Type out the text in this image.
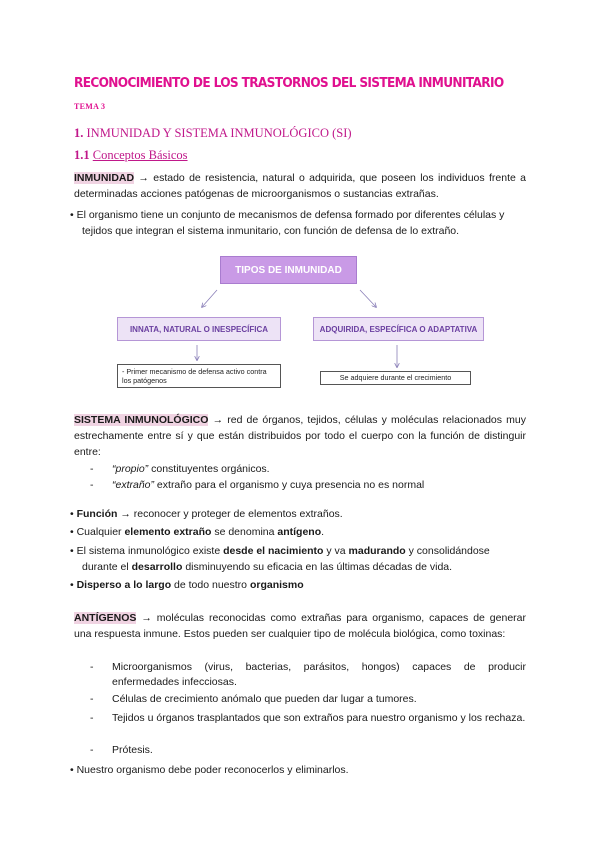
RECONOCIMIENTO DE LOS TRASTORNOS DEL SISTEMA INMUNITARIO
TEMA 3
1. INMUNIDAD Y SISTEMA INMUNOLÓGICO (SI)
1.1 Conceptos Básicos
INMUNIDAD → estado de resistencia, natural o adquirida, que poseen los individuos frente a determinadas acciones patógenas de microorganismos o sustancias extrañas.
• El organismo tiene un conjunto de mecanismos de defensa formado por diferentes células y tejidos que integran el sistema inmunitario, con función de defensa de lo extraño.
TIPOS DE INMUNIDAD
INNATA, NATURAL O INESPECÍFICA	ADQUIRIDA, ESPECÍFICA O ADAPTATIVA
- Primer mecanismo de defensa activo contra los patógenos	Se adquiere durante el crecimiento
SISTEMA INMUNOLÓGICO → red de órganos, tejidos, células y moléculas relacionados muy estrechamente entre sí y que están distribuidos por todo el cuerpo con la función de distinguir entre:
-	“propio” constituyentes orgánicos.
-	“extraño” extraño para el organismo y cuya presencia no es normal
• Función → reconocer y proteger de elementos extraños.
• Cualquier elemento extraño se denomina antígeno.
• El sistema inmunológico existe desde el nacimiento y va madurando y consolidándose
durante el desarrollo disminuyendo su eficacia en las últimas décadas de vida.
• Disperso a lo largo de todo nuestro organismo
ANTÍGENOS → moléculas reconocidas como extrañas para organismo, capaces de generar una respuesta inmune. Estos pueden ser cualquier tipo de molécula biológica, como toxinas:
-	Microorganismos (virus, bacterias, parásitos, hongos) capaces de producir enfermedades infecciosas.
-	Células de crecimiento anómalo que pueden dar lugar a tumores.
-	Tejidos u órganos trasplantados que son extraños para nuestro organismo y los rechaza.
-	Prótesis.
• Nuestro organismo debe poder reconocerlos y eliminarlos.
